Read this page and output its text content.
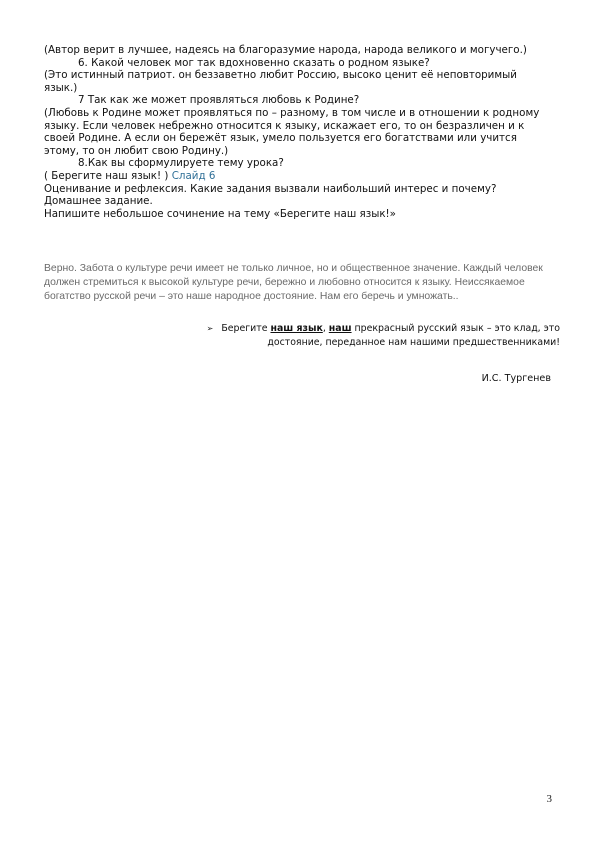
(Автор верит в лучшее, надеясь на благоразумие народа, народа великого и могучего.)

6. Какой человек мог так вдохновенно сказать о родном языке?

(Это истинный патриот. он беззаветно любит Россию, высоко ценит её неповторимый язык.)

7 Так как же может проявляться любовь к Родине?

(Любовь к Родине может проявляться по – разному, в том числе и в отношении к родному языку. Если человек небрежно относится к языку, искажает его, то он безразличен и к своей Родине. А если он бережёт язык, умело пользуется его богатствами или учится этому, то он любит свою Родину.)

8.Как вы сформулируете тему урока?

( Берегите наш язык! ) Слайд 6

Оценивание и рефлексия. Какие задания вызвали наибольший интерес и почему?

Домашнее задание.

Напишите небольшое сочинение на тему «Берегите наш язык!»

Верно. Забота о культуре речи имеет не только личное, но и общественное значение. Каждый человек должен стремиться к высокой культуре речи, бережно и любовно относится к языку. Неиссякаемое богатство русской речи – это наше народное достояние. Нам его беречь и умножать..

➢ Берегите наш язык, наш прекрасный русский язык – это клад, это достояние, переданное нам нашими предшественниками!
И.С. Тургенев
3
